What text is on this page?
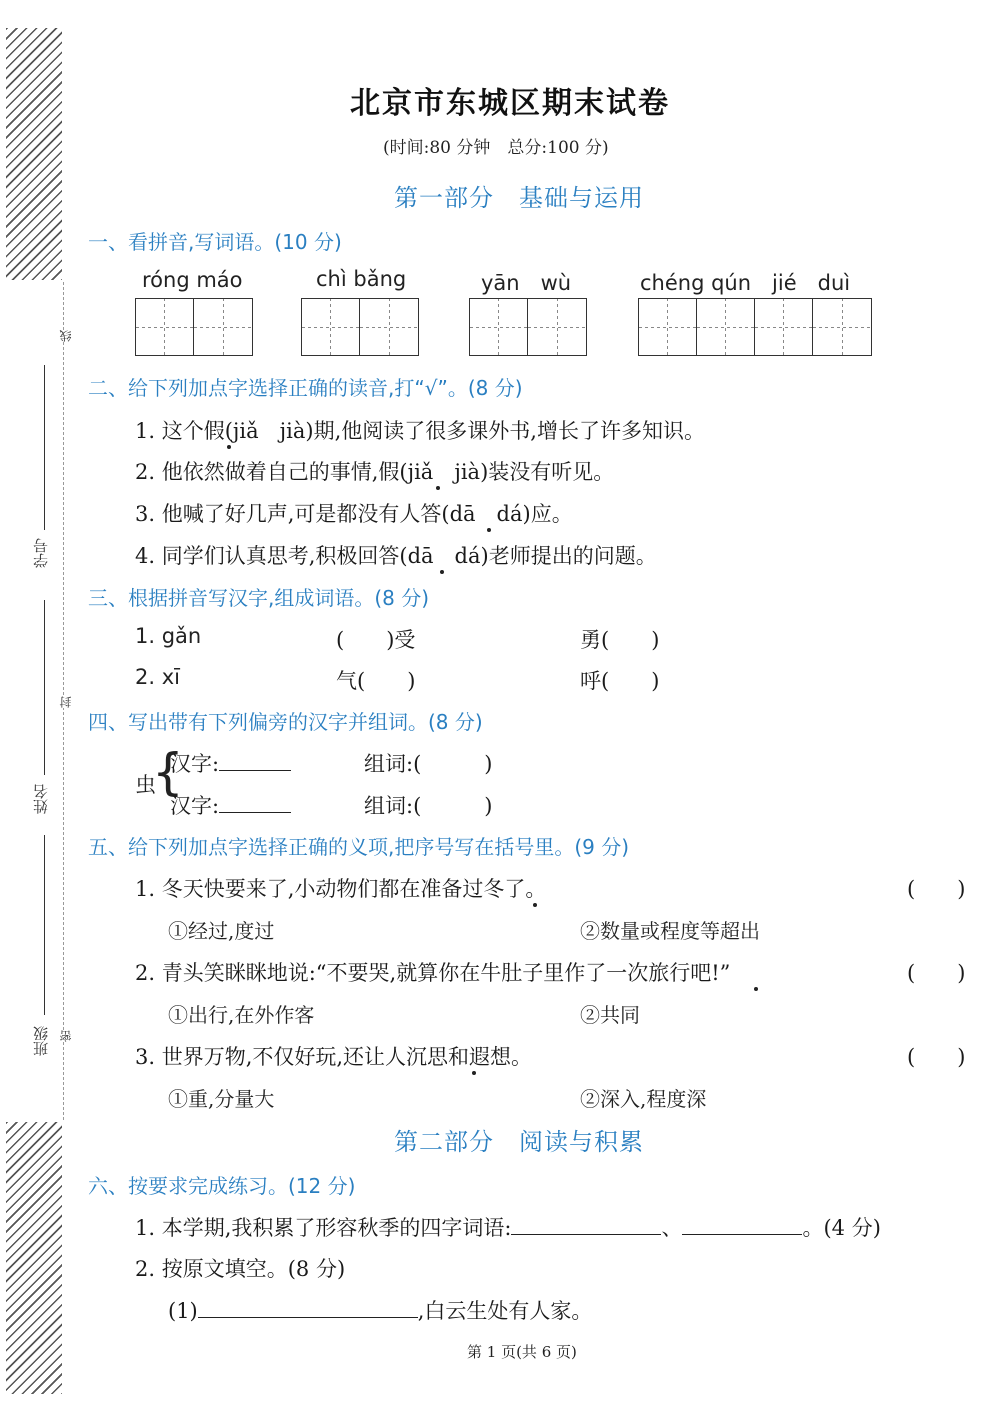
线
封
密
学号
姓名
班级
北京市东城区期末试卷
(时间:80 分钟　总分:100 分)
第一部分　基础与运用
一、看拼音,写词语。(10 分)
róng máo	chì bǎng	yān　wù	chéng qún　jié　duì
二、给下列加点字选择正确的读音,打“√”。(8 分)
1. 这个假(jiǎ　jià)期,他阅读了很多课外书,增长了许多知识。
2. 他依然做着自己的事情,假(jiǎ　jià)装没有听见。
3. 他喊了好几声,可是都没有人答(dā　dá)应。
4. 同学们认真思考,积极回答(dā　dá)老师提出的问题。
三、根据拼音写汉字,组成词语。(8 分)
1. gǎn	(　　)受	勇(　　)
2. xī	气(　　)	呼(　　)
四、写出带有下列偏旁的汉字并组词。(8 分)
虫
{
汉字:	组词:(　　　)
汉字:	组词:(　　　)
五、给下列加点字选择正确的义项,把序号写在括号里。(9 分)
1. 冬天快要来了,小动物们都在准备过冬了。	(　　)
①经过,度过	②数量或程度等超出
2. 青头笑眯眯地说:“不要哭,就算你在牛肚子里作了一次旅行吧!”	(　　)
①出行,在外作客	②共同
3. 世界万物,不仅好玩,还让人沉思和遐想。	(　　)
①重,分量大	②深入,程度深
第二部分　阅读与积累
六、按要求完成练习。(12 分)
1. 本学期,我积累了形容秋季的四字词语:	、	。(4 分)
2. 按原文填空。(8 分)
(1)	,白云生处有人家。
第 1 页(共 6 页)
